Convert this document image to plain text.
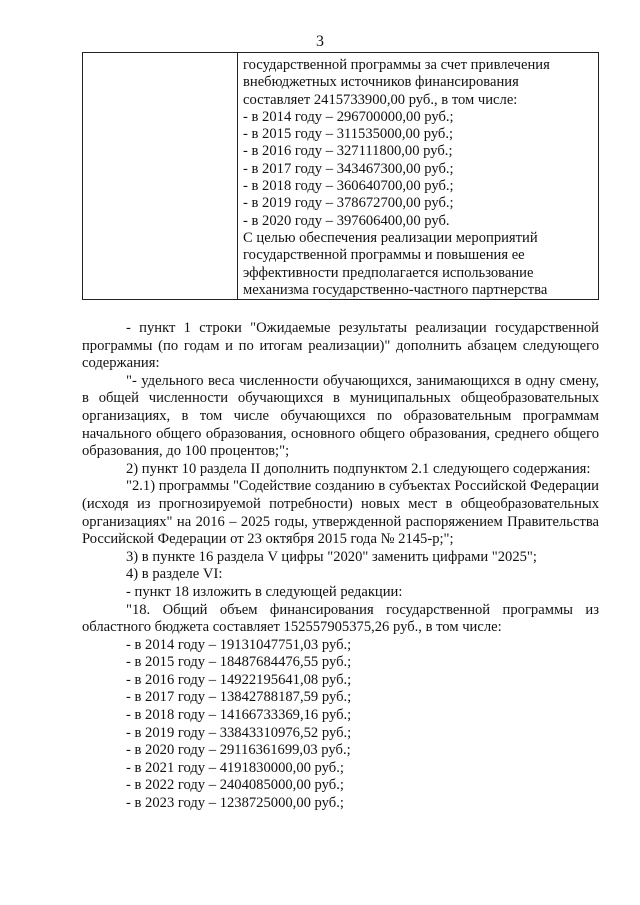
3
государственной программы за счет привлечения
внебюджетных источников финансирования
составляет 2415733900,00 руб., в том числе:
- в 2014 году – 296700000,00 руб.;
- в 2015 году – 311535000,00 руб.;
- в 2016 году – 327111800,00 руб.;
- в 2017 году – 343467300,00 руб.;
- в 2018 году – 360640700,00 руб.;
- в 2019 году – 378672700,00 руб.;
- в 2020 году – 397606400,00 руб.
С целью обеспечения реализации мероприятий
государственной программы и повышения ее
эффективности предполагается использование
механизма государственно-частного партнерства
- пункт 1 строки "Ожидаемые результаты реализации государственной программы (по годам и по итогам реализации)" дополнить абзацем следующего содержания:
"- удельного веса численности обучающихся, занимающихся в одну смену, в общей численности обучающихся в муниципальных общеобразовательных организациях, в том числе обучающихся по образовательным программам начального общего образования, основного общего образования, среднего общего образования, до 100 процентов;";
2) пункт 10 раздела II дополнить подпунктом 2.1 следующего содержания:
"2.1) программы "Содействие созданию в субъектах Российской Федерации (исходя из прогнозируемой потребности) новых мест в общеобразовательных организациях" на 2016 – 2025 годы, утвержденной распоряжением Правительства Российской Федерации от 23 октября 2015 года № 2145-р;";
3) в пункте 16 раздела V цифры "2020" заменить цифрами "2025";
4) в разделе VI:
- пункт 18 изложить в следующей редакции:
"18. Общий объем финансирования государственной программы из областного бюджета составляет 152557905375,26 руб., в том числе:
- в 2014 году – 19131047751,03 руб.;
- в 2015 году – 18487684476,55 руб.;
- в 2016 году – 14922195641,08 руб.;
- в 2017 году – 13842788187,59 руб.;
- в 2018 году – 14166733369,16 руб.;
- в 2019 году – 33843310976,52 руб.;
- в 2020 году – 29116361699,03 руб.;
- в 2021 году – 4191830000,00 руб.;
- в 2022 году – 2404085000,00 руб.;
- в 2023 году – 1238725000,00 руб.;
